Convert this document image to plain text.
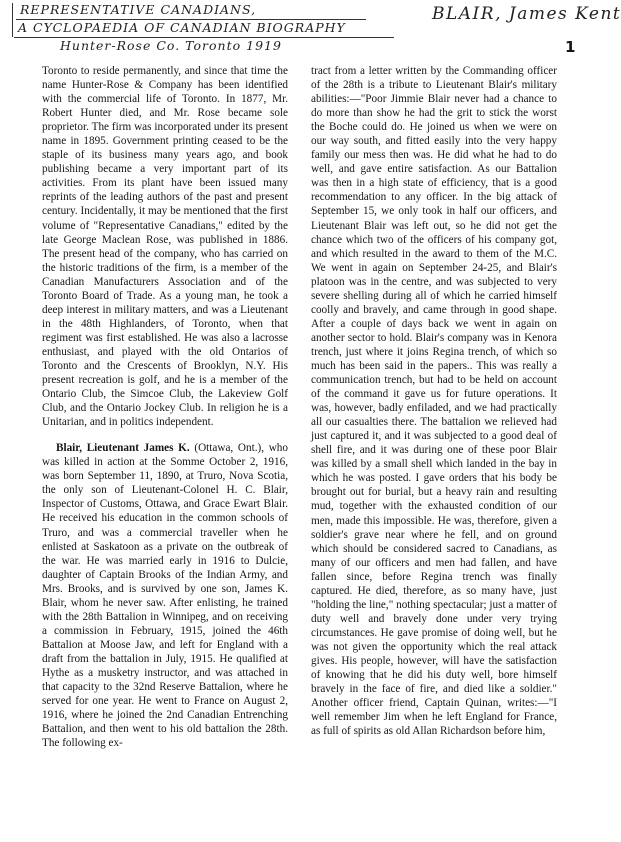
REPRESENTATIVE CANADIANS,
A CYCLOPAEDIA OF CANADIAN BIOGRAPHY
Hunter-Rose Co. Toronto 1919
BLAIR, James Kent
1

Toronto to reside permanently, and since that time the name Hunter-Rose & Company has been identified with the commercial life of Toronto. In 1877, Mr. Robert Hunter died, and Mr. Rose became sole proprietor. The firm was incorporated under its present name in 1895. Government printing ceased to be the staple of its business many years ago, and book publishing became a very important part of its activities. From its plant have been issued many reprints of the leading authors of the past and present century. Incidentally, it may be mentioned that the first volume of "Representative Canadians," edited by the late George Maclean Rose, was published in 1886. The present head of the company, who has carried on the historic traditions of the firm, is a member of the Canadian Manufacturers Association and of the Toronto Board of Trade. As a young man, he took a deep interest in military matters, and was a Lieutenant in the 48th Highlanders, of Toronto, when that regiment was first established. He was also a lacrosse enthusiast, and played with the old Ontarios of Toronto and the Crescents of Brooklyn, N.Y. His present recreation is golf, and he is a member of the Ontario Club, the Simcoe Club, the Lakeview Golf Club, and the Ontario Jockey Club. In religion he is a Unitarian, and in politics independent.

Blair, Lieutenant James K. (Ottawa, Ont.), who was killed in action at the Somme October 2, 1916, was born September 11, 1890, at Truro, Nova Scotia, the only son of Lieutenant-Colonel H. C. Blair, Inspector of Customs, Ottawa, and Grace Ewart Blair. He received his education in the common schools of Truro, and was a commercial traveller when he enlisted at Saskatoon as a private on the outbreak of the war. He was married early in 1916 to Dulcie, daughter of Captain Brooks of the Indian Army, and Mrs. Brooks, and is survived by one son, James K. Blair, whom he never saw. After enlisting, he trained with the 28th Battalion in Winnipeg, and on receiving a commission in February, 1915, joined the 46th Battalion at Moose Jaw, and left for England with a draft from the battalion in July, 1915. He qualified at Hythe as a musketry instructor, and was attached in that capacity to the 32nd Reserve Battalion, where he served for one year. He went to France on August 2, 1916, where he joined the 2nd Canadian Entrenching Battalion, and then went to his old battalion the 28th. The following ex-

tract from a letter written by the Commanding officer of the 28th is a tribute to Lieutenant Blair's military abilities:—"Poor Jimmie Blair never had a chance to do more than show he had the grit to stick the worst the Boche could do. He joined us when we were on our way south, and fitted easily into the very happy family our mess then was. He did what he had to do well, and gave entire satisfaction. As our Battalion was then in a high state of efficiency, that is a good recommendation to any officer. In the big attack of September 15, we only took in half our officers, and Lieutenant Blair was left out, so he did not get the chance which two of the officers of his company got, and which resulted in the award to them of the M.C. We went in again on September 24-25, and Blair's platoon was in the centre, and was subjected to very severe shelling during all of which he carried himself coolly and bravely, and came through in good shape. After a couple of days back we went in again on another sector to hold. Blair's company was in Kenora trench, just where it joins Regina trench, of which so much has been said in the papers.. This was really a communication trench, but had to be held on account of the command it gave us for future operations. It was, however, badly enfiladed, and we had practically all our casualties there. The battalion we relieved had just captured it, and it was subjected to a good deal of shell fire, and it was during one of these poor Blair was killed by a small shell which landed in the bay in which he was posted. I gave orders that his body be brought out for burial, but a heavy rain and resulting mud, together with the exhausted condition of our men, made this impossible. He was, therefore, given a soldier's grave near where he fell, and on ground which should be considered sacred to Canadians, as many of our officers and men had fallen, and have fallen since, before Regina trench was finally captured. He died, therefore, as so many have, just "holding the line," nothing spectacular; just a matter of duty well and bravely done under very trying circumstances. He gave promise of doing well, but he was not given the opportunity which the real attack gives. His people, however, will have the satisfaction of knowing that he did his duty well, bore himself bravely in the face of fire, and died like a soldier." Another officer friend, Captain Quinan, writes:—"I well remember Jim when he left England for France, as full of spirits as old Allan Richardson before him,
